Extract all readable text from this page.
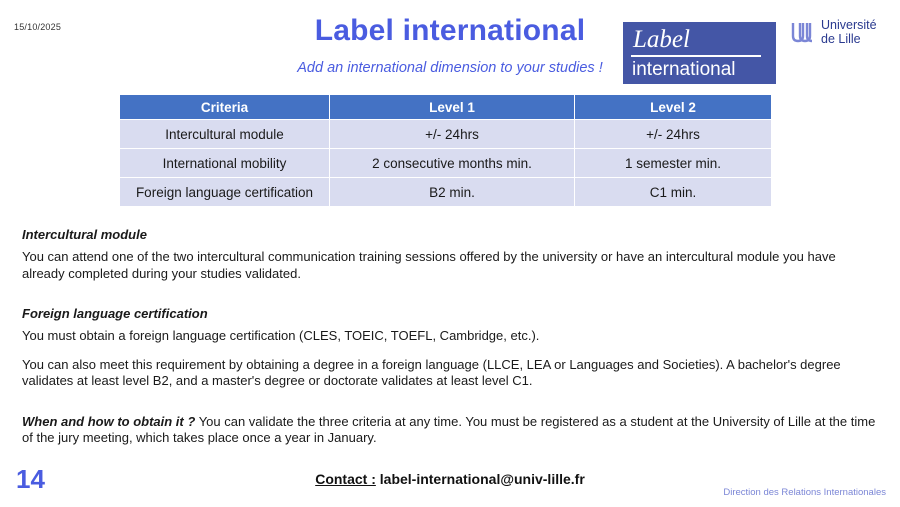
15/10/2025	Label international
Add an international dimension to your studies !
Label
international
Université
de Lille
Criteria	Level 1	Level 2
Intercultural module	+/- 24hrs	+/- 24hrs
International mobility	2 consecutive months min.	1 semester min.
Foreign language certification	B2 min.	C1 min.
Intercultural module

You can attend one of the two intercultural communication training sessions offered by the university or have an intercultural module you have already completed during your studies validated.

Foreign language certification

You must obtain a foreign language certification (CLES, TOEIC, TOEFL, Cambridge, etc.).

You can also meet this requirement by obtaining a degree in a foreign language (LLCE, LEA or Languages and Societies). A bachelor's degree validates at least level B2, and a master's degree or doctorate validates at least level C1.

When and how to obtain it ? You can validate the three criteria at any time. You must be registered as a student at the University of Lille at the time of the jury meeting, which takes place once a year in January.

14	Contact : label-international@univ-lille.fr
Direction des Relations Internationales
